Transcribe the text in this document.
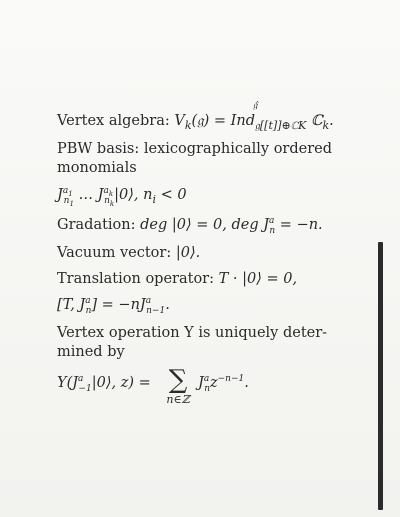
Vertex algebra: $V_k(𝔤)$ = Ind
𝔤̂
$_{𝔤[[t]]\oplus ℂK}$ ℂ$_k$.
PBW basis: lexicographically ordered
monomials
$J^{a_1}_{n_1}$ … $J^{a_k}_{n_k}|0⟩$, $n_i < 0$
Gradation: deg |0⟩ = 0, deg $J^a_n = -n$.
Vacuum vector: |0⟩.
Translation operator: T · |0⟩ = 0,
[T, $J^a_n] = -nJ^a_{n-1}$.
Vertex operation Y is uniquely deter-
mined by
$Y(J^a_{-1}|0⟩$, z) = ∑
n∈ℤ
$J^a_nz^{-n-1}$.
